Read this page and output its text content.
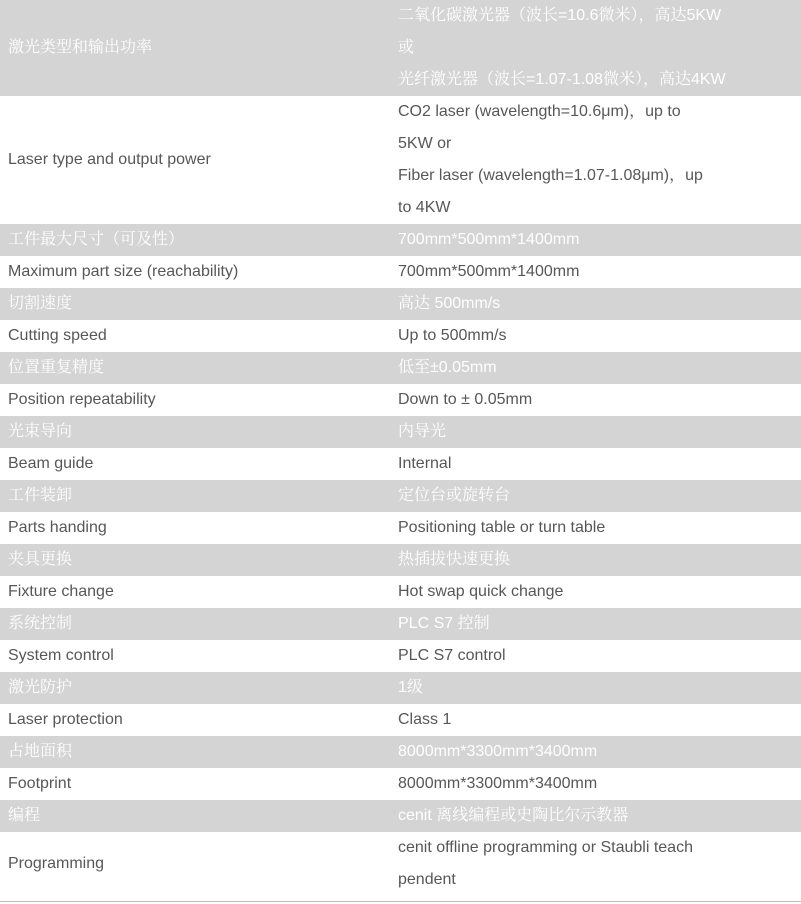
激光类型和输出功率	二氧化碳激光器（波长=10.6微米），高达5KW
或
光纤激光器（波长=1.07-1.08微米），高达4KW

Laser type and output power	CO2 laser (wavelength=10.6μm)，up to
5KW or
Fiber laser (wavelength=1.07-1.08μm)，up
to 4KW

工件最大尺寸（可及性）	700mm*500mm*1400mm

Maximum part size (reachability)	700mm*500mm*1400mm

切割速度	高达 500mm/s

Cutting speed	Up to 500mm/s

位置重复精度	低至±0.05mm

Position repeatability	Down to ± 0.05mm

光束导向	内导光

Beam guide	Internal

工件装卸	定位台或旋转台

Parts handing	Positioning table or turn table

夹具更换	热插拔快速更换

Fixture change	Hot swap quick change

系统控制	PLC S7 控制

System control	PLC S7 control

激光防护	1级

Laser protection	Class 1

占地面积	8000mm*3300mm*3400mm

Footprint	8000mm*3300mm*3400mm

编程	cenit 离线编程或史陶比尔示教器

Programming	cenit offline programming or Staubli teach
pendent
